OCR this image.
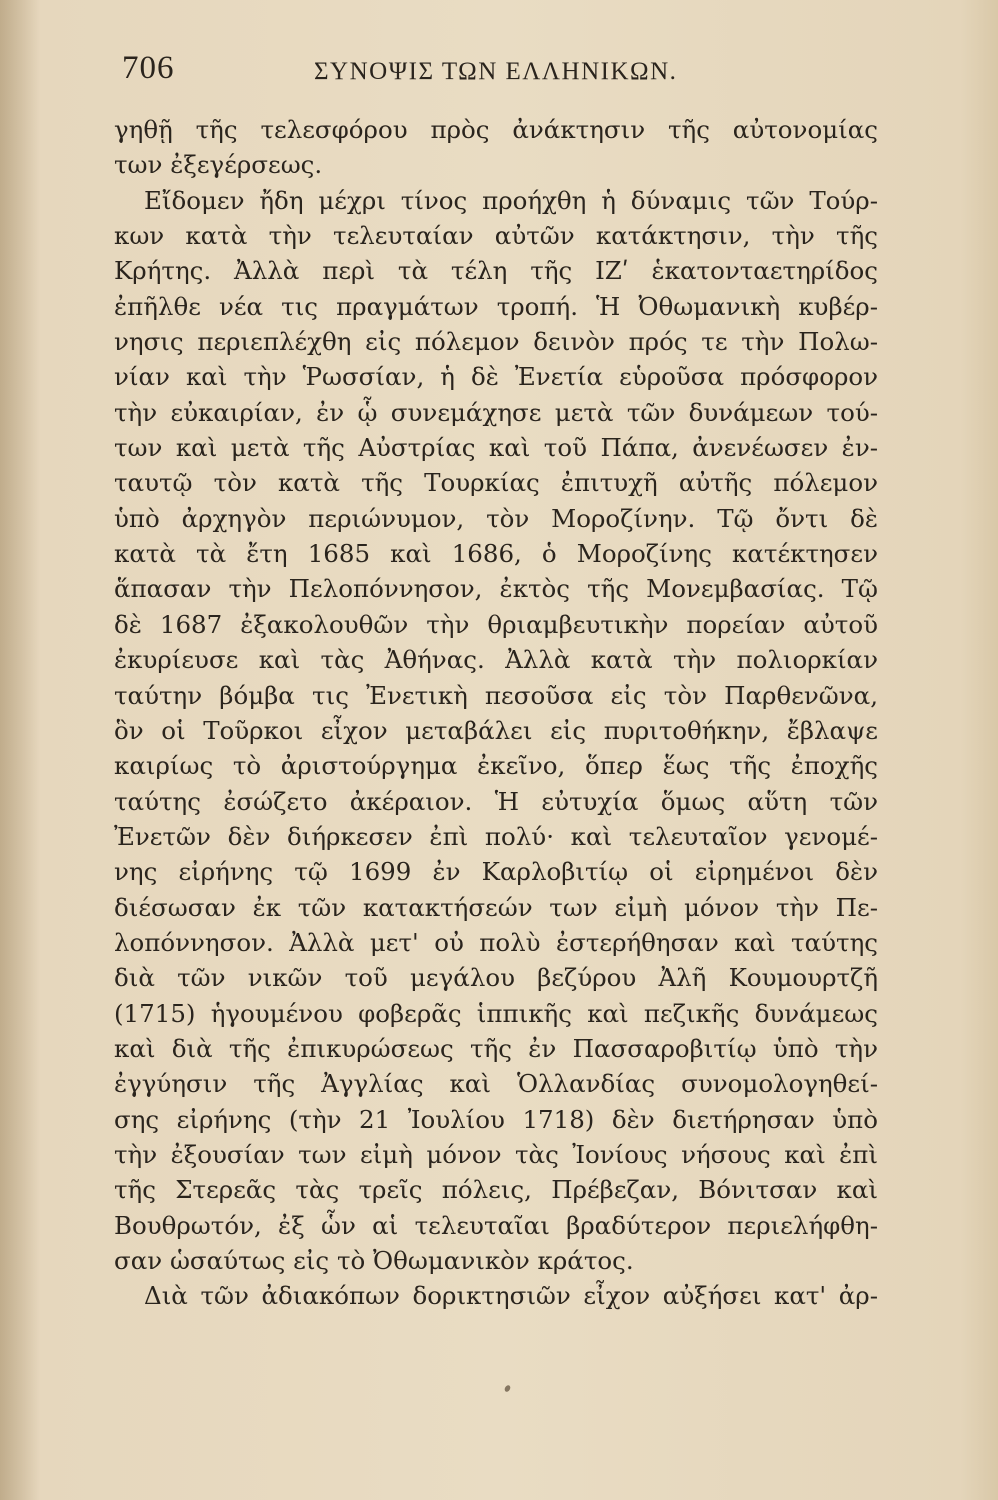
706	ΣΥΝΟΨΙΣ ΤΩΝ ΕΛΛΗΝΙΚΩΝ.
γηθῇ τῆς τελεσφόρου πρὸς ἀνάκτησιν τῆς αὐτονομίας
των ἐξεγέρσεως.
Εἴδομεν ἤδη μέχρι τίνος προήχθη ἡ δύναμις τῶν Τούρ-
κων κατὰ τὴν τελευταίαν αὐτῶν κατάκτησιν, τὴν τῆς
Κρήτης. Ἀλλὰ περὶ τὰ τέλη τῆς ΙΖʹ ἑκατονταετηρίδος
ἐπῆλθε νέα τις πραγμάτων τροπή. Ἡ Ὀθωμανικὴ κυβέρ-
νησις περιεπλέχθη εἰς πόλεμον δεινὸν πρός τε τὴν Πολω-
νίαν καὶ τὴν Ῥωσσίαν, ἡ δὲ Ἐνετία εὑροῦσα πρόσφορον
τὴν εὐκαιρίαν, ἐν ᾧ συνεμάχησε μετὰ τῶν δυνάμεων τού-
των καὶ μετὰ τῆς Αὐστρίας καὶ τοῦ Πάπα, ἀνενέωσεν ἐν-
ταυτῷ τὸν κατὰ τῆς Τουρκίας ἐπιτυχῆ αὐτῆς πόλεμον
ὑπὸ ἀρχηγὸν περιώνυμον, τὸν Μοροζίνην. Τῷ ὄντι δὲ
κατὰ τὰ ἔτη 1685 καὶ 1686, ὁ Μοροζίνης κατέκτησεν
ἅπασαν τὴν Πελοπόννησον, ἐκτὸς τῆς Μονεμβασίας. Τῷ
δὲ 1687 ἐξακολουθῶν τὴν θριαμβευτικὴν πορείαν αὐτοῦ
ἐκυρίευσε καὶ τὰς Ἀθήνας. Ἀλλὰ κατὰ τὴν πολιορκίαν
ταύτην βόμβα τις Ἐνετικὴ πεσοῦσα εἰς τὸν Παρθενῶνα,
ὃν οἱ Τοῦρκοι εἶχον μεταβάλει εἰς πυριτοθήκην, ἔβλαψε
καιρίως τὸ ἀριστούργημα ἐκεῖνο, ὅπερ ἕως τῆς ἐποχῆς
ταύτης ἐσώζετο ἀκέραιον. Ἡ εὐτυχία ὅμως αὕτη τῶν
Ἐνετῶν δὲν διήρκεσεν ἐπὶ πολύ· καὶ τελευταῖον γενομέ-
νης εἰρήνης τῷ 1699 ἐν Καρλοβιτίῳ οἱ εἰρημένοι δὲν
διέσωσαν ἐκ τῶν κατακτήσεών των εἰμὴ μόνον τὴν Πε-
λοπόννησον. Ἀλλὰ μετ' οὐ πολὺ ἐστερήθησαν καὶ ταύτης
διὰ τῶν νικῶν τοῦ μεγάλου βεζύρου Ἀλῆ Κουμουρτζῆ
(1715) ἡγουμένου φοβερᾶς ἱππικῆς καὶ πεζικῆς δυνάμεως
καὶ διὰ τῆς ἐπικυρώσεως τῆς ἐν Πασσαροβιτίῳ ὑπὸ τὴν
ἐγγύησιν τῆς Ἀγγλίας καὶ Ὁλλανδίας συνομολογηθεί-
σης εἰρήνης (τὴν 21 Ἰουλίου 1718) δὲν διετήρησαν ὑπὸ
τὴν ἐξουσίαν των εἰμὴ μόνον τὰς Ἰονίους νήσους καὶ ἐπὶ
τῆς Στερεᾶς τὰς τρεῖς πόλεις, Πρέβεζαν, Βόνιτσαν καὶ
Βουθρωτόν, ἐξ ὧν αἱ τελευταῖαι βραδύτερον περιελήφθη-
σαν ὡσαύτως εἰς τὸ Ὀθωμανικὸν κράτος.
Διὰ τῶν ἀδιακόπων δορικτησιῶν εἶχον αὐξήσει κατ' ἀρ-
